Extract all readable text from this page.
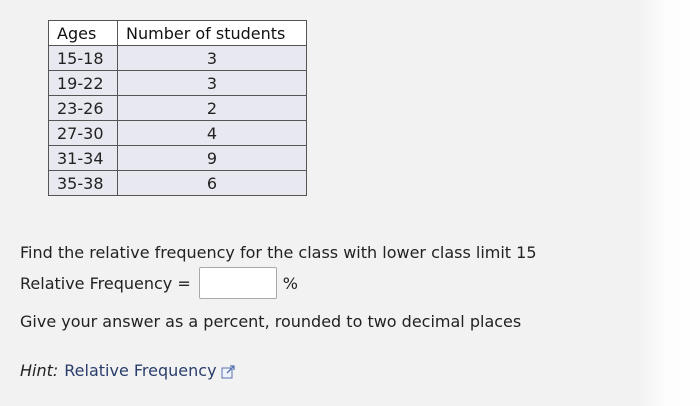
Ages	Number of students
15-18	3
19-22	3
23-26	2
27-30	4
31-34	9
35-38	6
Find the relative frequency for the class with lower class limit 15
Relative Frequency =	%
Give your answer as a percent, rounded to two decimal places
Hint: Relative Frequency
